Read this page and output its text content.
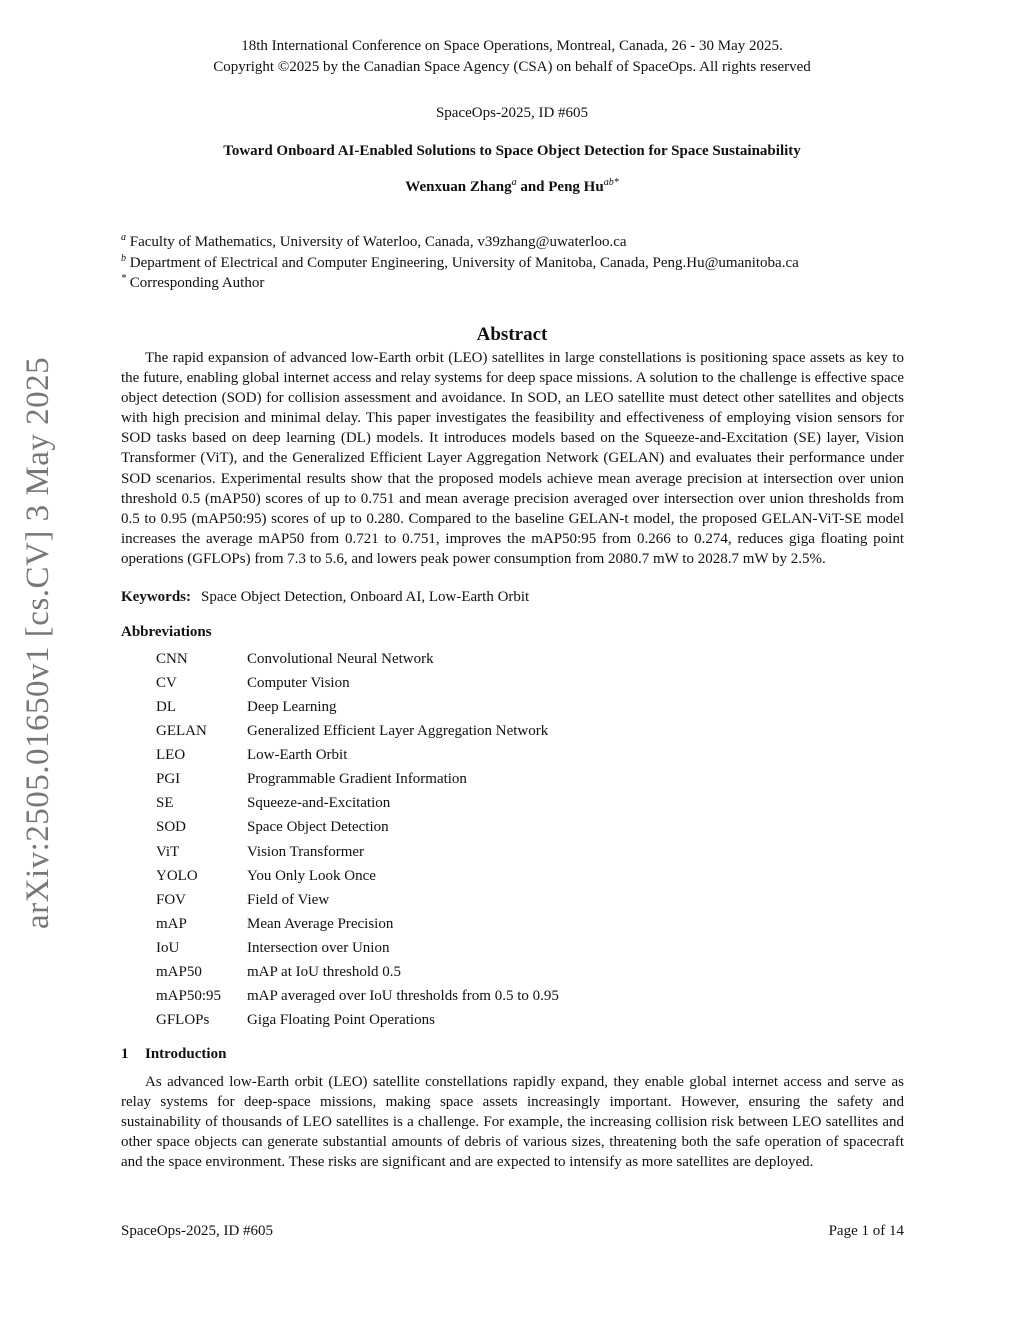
18th International Conference on Space Operations, Montreal, Canada, 26 - 30 May 2025.
Copyright ©2025 by the Canadian Space Agency (CSA) on behalf of SpaceOps. All rights reserved
SpaceOps-2025, ID #605
Toward Onboard AI-Enabled Solutions to Space Object Detection for Space Sustainability
Wenxuan Zhang$^a$ and Peng $Hu^{ab*}$
$^a$ Faculty of Mathematics, University of Waterloo, Canada, v39zhang@uwaterloo.ca
$^b$ Department of Electrical and Computer Engineering, University of Manitoba, Canada, Peng.Hu@umanitoba.ca
* Corresponding Author
arXiv:2505.01650v1 [cs.CV] 3 May 2025
Abstract

The rapid expansion of advanced low-Earth orbit (LEO) satellites in large constellations is positioning space assets as key to the future, enabling global internet access and relay systems for deep space missions. A solution to the challenge is effective space object detection (SOD) for collision assessment and avoidance. In SOD, an LEO satellite must detect other satellites and objects with high precision and minimal delay. This paper investigates the feasibility and effectiveness of employing vision sensors for SOD tasks based on deep learning (DL) models. It introduces models based on the Squeeze-and-Excitation (SE) layer, Vision Transformer (ViT), and the Generalized Efficient Layer Aggregation Network (GELAN) and evaluates their performance under SOD scenarios. Experimental results show that the proposed models achieve mean average precision at intersection over union threshold 0.5 (mAP50) scores of up to 0.751 and mean average precision averaged over intersection over union thresholds from 0.5 to 0.95 (mAP50:95) scores of up to 0.280. Compared to the baseline GELAN-t model, the proposed GELAN-ViT-SE model increases the average mAP50 from 0.721 to 0.751, improves the mAP50:95 from 0.266 to 0.274, reduces giga floating point operations (GFLOPs) from 7.3 to 5.6, and lowers peak power consumption from 2080.7 mW to 2028.7 mW by 2.5%.

Keywords: Space Object Detection, Onboard AI, Low-Earth Orbit
Abbreviations
CNN	Convolutional Neural Network
CV	Computer Vision
DL	Deep Learning
GELAN	Generalized Efficient Layer Aggregation Network
LEO	Low-Earth Orbit
PGI	Programmable Gradient Information
SE	Squeeze-and-Excitation
SOD	Space Object Detection
ViT	Vision Transformer
YOLO	You Only Look Once
FOV	Field of View
mAP	Mean Average Precision
IoU	Intersection over Union
mAP50	mAP at IoU threshold 0.5
mAP50:95 mAP averaged over IoU thresholds from 0.5 to 0.95
GFLOPs	Giga Floating Point Operations
1 Introduction

As advanced low-Earth orbit (LEO) satellite constellations rapidly expand, they enable global internet access and serve as relay systems for deep-space missions, making space assets increasingly important. However, ensuring the safety and sustainability of thousands of LEO satellites is a challenge. For example, the increasing collision risk between LEO satellites and other space objects can generate substantial amounts of debris of various sizes, threatening both the safe operation of spacecraft and the space environment. These risks are significant and are expected to intensify as more satellites are deployed.

SpaceOps-2025, ID #605	Page 1 of 14
